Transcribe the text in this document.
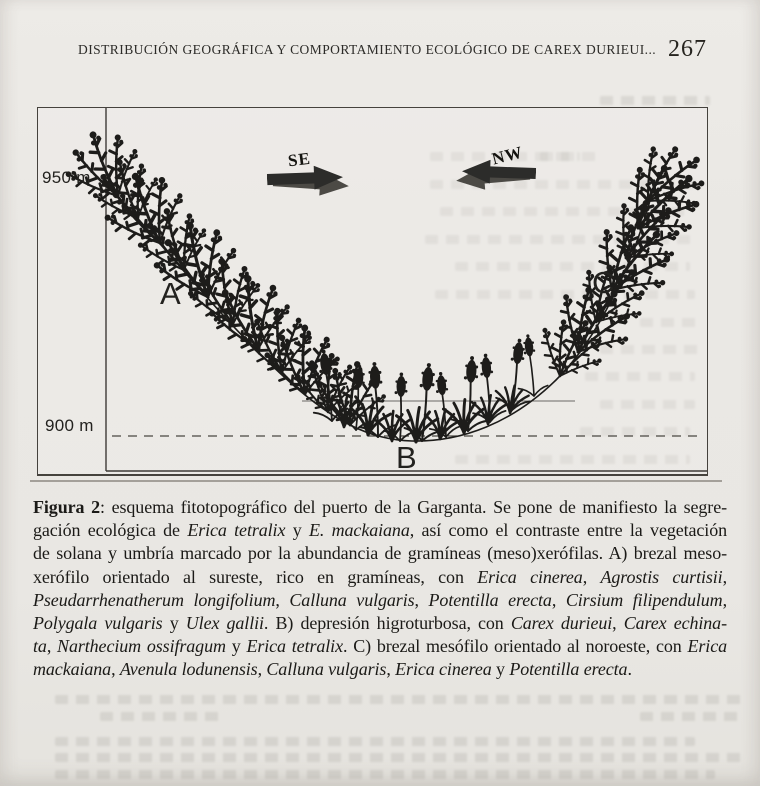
DISTRIBUCIÓN GEOGRÁFICA Y COMPORTAMIENTO ECOLÓGICO DE CAREX DURIEUI... 267
950 m
900 m
SE	NW
A
B
C
Figura 2: esquema fitotopográfico del puerto de la Garganta. Se pone de manifiesto la segre-
gación ecológica de Erica tetralix y E. mackaiana, así como el contraste entre la vegetación
de solana y umbría marcado por la abundancia de gramíneas (meso)xerófilas. A) brezal meso-
xerófilo orientado al sureste, rico en gramíneas, con Erica cinerea, Agrostis curtisii,
Pseudarrhenatherum longifolium, Calluna vulgaris, Potentilla erecta, Cirsium filipendulum,
Polygala vulgaris y Ulex gallii. B) depresión higroturbosa, con Carex durieui, Carex echina-
ta, Narthecium ossifragum y Erica tetralix. C) brezal mesófilo orientado al noroeste, con Erica
mackaiana, Avenula lodunensis, Calluna vulgaris, Erica cinerea y Potentilla erecta.
